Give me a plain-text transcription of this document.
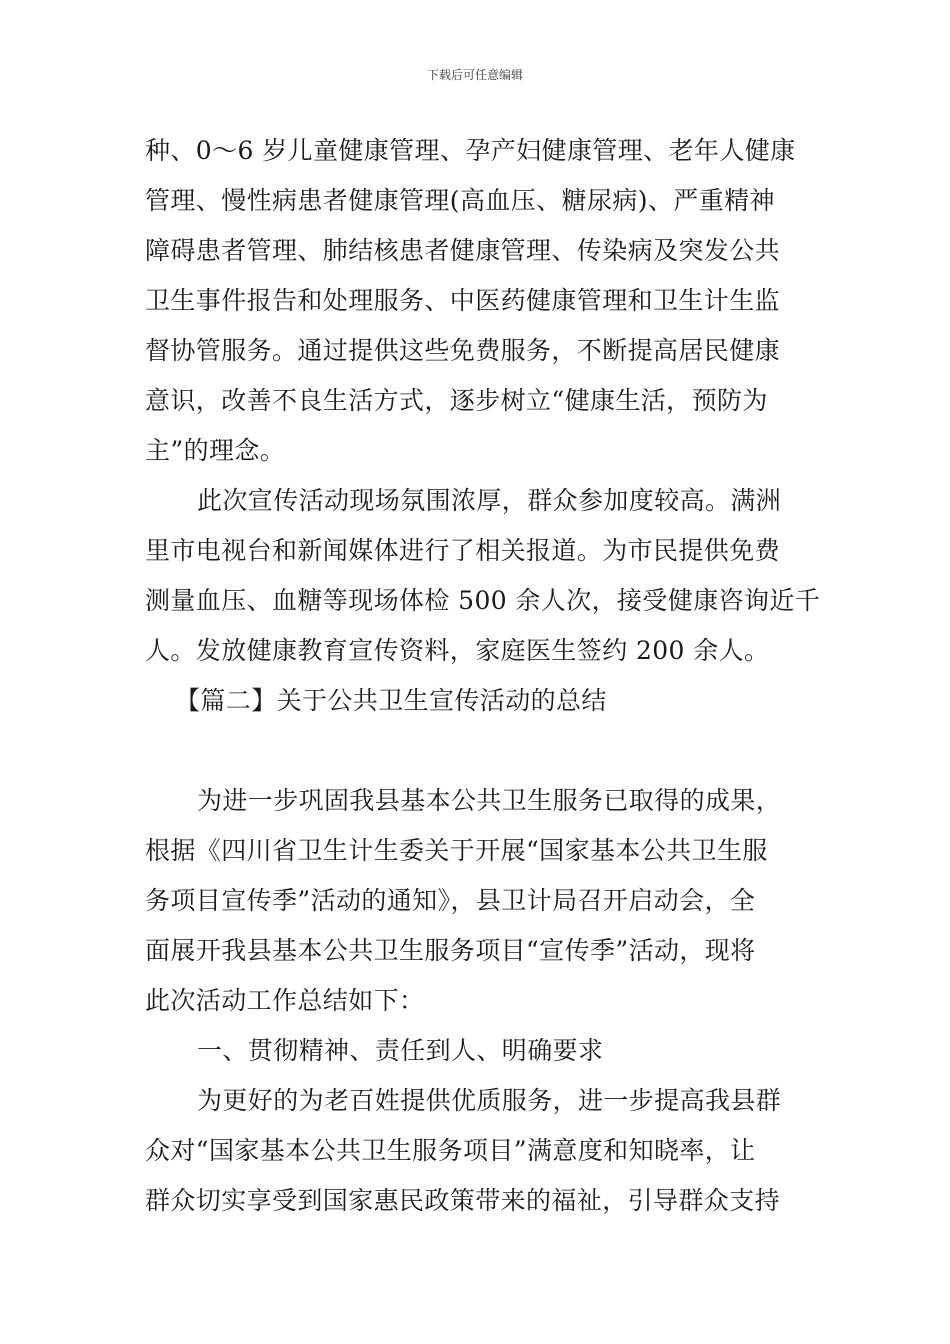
下载后可任意编辑
种、0～6 岁儿童健康管理、孕产妇健康管理、老年人健康
管理、慢性病患者健康管理(高血压、糖尿病)、严重精神
障碍患者管理、肺结核患者健康管理、传染病及突发公共
卫生事件报告和处理服务、中医药健康管理和卫生计生监
督协管服务。通过提供这些免费服务，不断提高居民健康
意识，改善不良生活方式，逐步树立“健康生活，预防为
主”的理念。
此次宣传活动现场氛围浓厚，群众参加度较高。满洲
里市电视台和新闻媒体进行了相关报道。为市民提供免费
测量血压、血糖等现场体检 500 余人次，接受健康咨询近千
人。发放健康教育宣传资料，家庭医生签约 200 余人。
【篇二】关于公共卫生宣传活动的总结
为进一步巩固我县基本公共卫生服务已取得的成果，
根据《四川省卫生计生委关于开展“国家基本公共卫生服
务项目宣传季”活动的通知》，县卫计局召开启动会，全
面展开我县基本公共卫生服务项目“宣传季”活动，现将
此次活动工作总结如下：
一、贯彻精神、责任到人、明确要求
为更好的为老百姓提供优质服务，进一步提高我县群
众对“国家基本公共卫生服务项目”满意度和知晓率，让
群众切实享受到国家惠民政策带来的福祉，引导群众支持
